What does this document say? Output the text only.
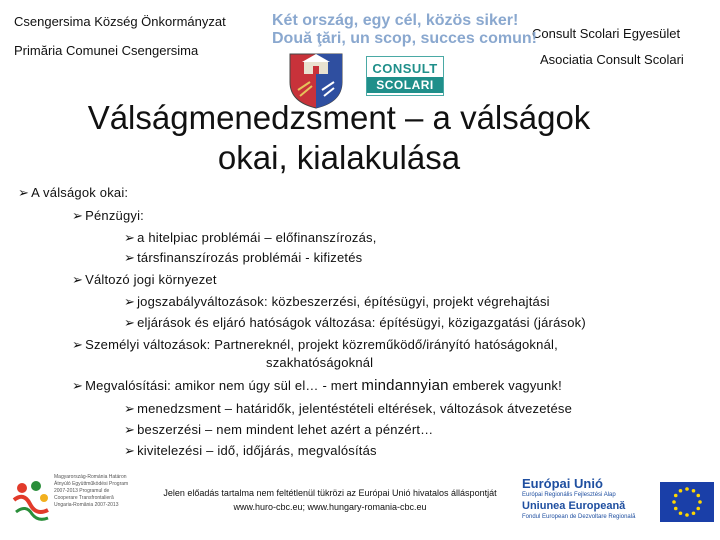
Csengersima Község Önkormányzat
Primăria Comunei Csengersima
Consult Scolari Egyesület
Asociatia Consult Scolari
Két ország, egy cél, közös siker!
Două ţări, un scop, succes comun!
CONSULT
SCOLARI
Válságmenedzsment – a válságok
okai, kialakulása
➢ A válságok okai:
➢ Pénzügyi:
➢ a hitelpiac problémái – előfinanszírozás,
➢ társfinanszírozás problémái - kifizetés
➢ Változó jogi környezet
➢ jogszabályváltozások: közbeszerzési, építésügyi, projekt végrehajtási
➢ eljárások és eljáró hatóságok változása: építésügyi, közigazgatási (járások)
➢ Személyi változások: Partnereknél, projekt közreműködő/irányító hatóságoknál,
szakhatóságoknál
➢ Megvalósítási: amikor nem úgy sül el… - mert mindannyian emberek vagyunk!
➢ menedzsment – határidők, jelentéstételi eltérések, változások átvezetése
➢ beszerzési – nem mindent lehet azért a pénzért…
➢ kivitelezési – idő, időjárás, megvalósítás
Magyarország-Románia Határon Átnyúló Együttműködési Program 2007-2013 Programul de Cooperare Transfrontalieră Ungaria-România 2007-2013
Jelen előadás tartalma nem feltétlenül tükrözi az Európai Unió hivatalos álláspontját
www.huro-cbc.eu; www.hungary-romania-cbc.eu
Európai Unió
Európai Regionális Fejlesztési Alap
Uniunea Europeană
Fondul European de Dezvoltare Regională
